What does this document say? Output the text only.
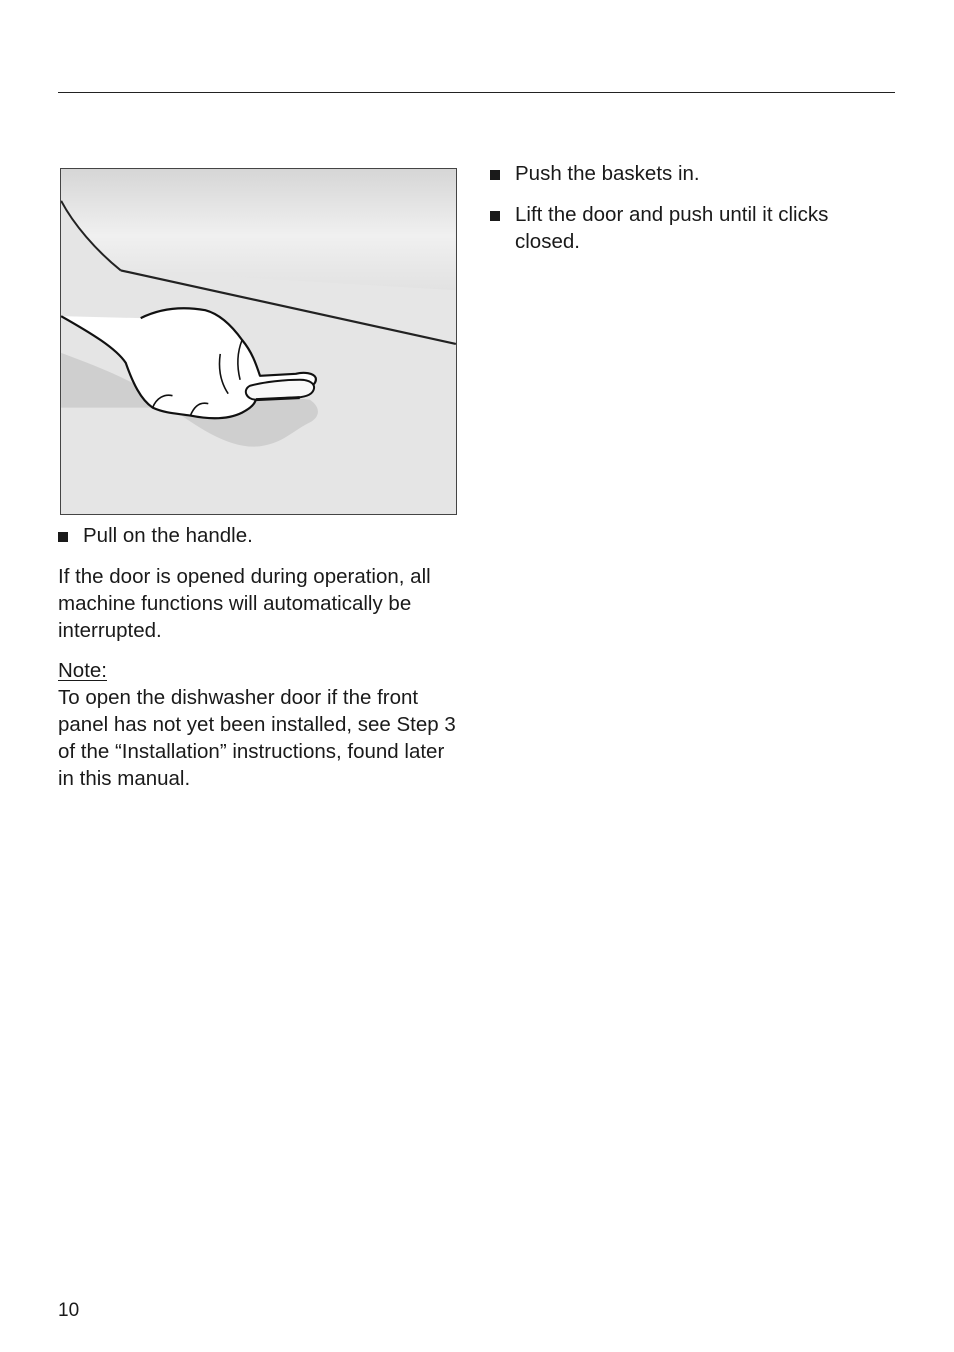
Pull on the handle.

If the door is opened during operation, all machine functions will automatically be interrupted.

Note:
To open the dishwasher door if the front panel has not yet been installed, see Step 3 of the “Installation” instructions, found later in this manual.
Push the baskets in.
Lift the door and push until it clicks closed.
10
